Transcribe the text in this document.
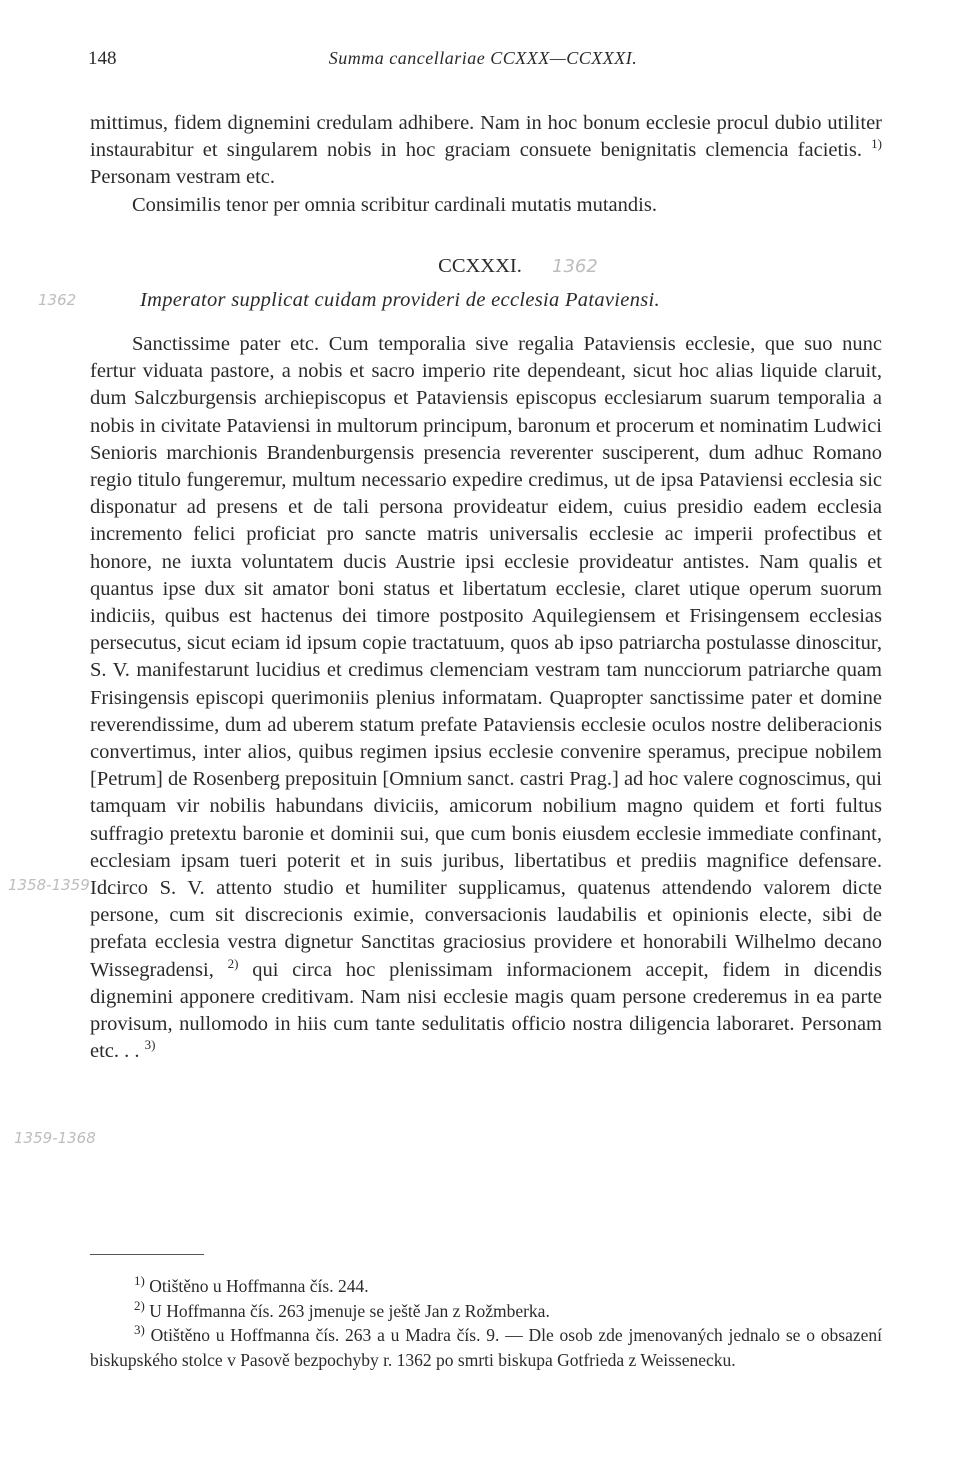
148	Summa cancellariae CCXXX—CCXXXI.

mittimus, fidem dignemini credulam adhibere. Nam in hoc bonum ecclesie procul dubio utiliter instaurabitur et singularem nobis in hoc graciam consuete benignitatis clemencia facietis. $^{1)}$ Personam vestram etc.

Consimilis tenor per omnia scribitur cardinali mutatis mutandis.

CCXXXI.	1362
1362	Imperator supplicat cuidam provideri de ecclesia Pataviensi.

Sanctissime pater etc. Cum temporalia sive regalia Pataviensis ecclesie, que suo nunc fertur viduata pastore, a nobis et sacro imperio rite dependeant, sicut hoc alias liquide claruit, dum Salczburgensis archiepiscopus et Pataviensis episcopus ecclesiarum suarum temporalia a nobis in civitate Pataviensi in multorum principum, baronum et procerum et nominatim Ludwici Senioris marchionis Brandenburgensis presencia reverenter susciperent, dum adhuc Romano regio titulo fungeremur, multum necessario expedire credimus, ut de ipsa Pataviensi ecclesia sic disponatur ad presens et de tali persona provideatur eidem, cuius presidio eadem ecclesia incremento felici proficiat pro sancte matris universalis ecclesie ac imperii profectibus et honore, ne iuxta voluntatem ducis Austrie ipsi ecclesie provideatur antistes. Nam qualis et quantus ipse dux sit amator boni status et libertatum ecclesie, claret utique operum suorum indiciis, quibus est hactenus dei timore postposito Aquilegiensem et Frisingensem ecclesias persecutus, sicut eciam id ipsum copie tractatuum, quos ab ipso patriarcha postulasse dinoscitur, S. V. manifestarunt lucidius et credimus clemenciam vestram tam nuncciorum patriarche quam Frisingensis episcopi querimoniis plenius informatam. Quapropter sanctissime pater et domine reverendissime, dum ad uberem statum prefate Pataviensis ecclesie oculos nostre deliberacionis convertimus, inter alios, quibus regimen ipsius ecclesie convenire speramus, precipue nobilem [Petrum] de Rosenberg preposituin [Omnium sanct. castri Prag.] ad hoc valere cognoscimus, qui tamquam vir nobilis habundans diviciis, amicorum nobilium magno quidem et forti fultus suffragio pretextu baronie et dominii sui, que cum bonis eiusdem ecclesie immediate confinant, ecclesiam ipsam tueri poterit et in suis juribus, libertatibus et prediis magnifice defensare. Idcirco S. V. attento studio et humiliter supplicamus, quatenus attendendo valorem dicte persone, cum sit discrecionis eximie, conversacionis laudabilis et opinionis electe, sibi de prefata ecclesia vestra dignetur Sanctitas graciosius providere et honorabili Wilhelmo decano Wissegradensi, $^{2)}$ qui circa hoc plenissimam informacionem accepit, fidem in dicendis dignemini apponere creditivam. Nam nisi ecclesie magis quam persone crederemus in ea parte provisum, nullomodo in hiis cum tante sedulitatis officio nostra diligencia laboraret. Personam etc. . . $^{3)}$

1358-1359
1359-1368

$^{1)}$ Otištěno u Hoffmanna čís. 244.

$^{2)}$ U Hoffmanna čís. 263 jmenuje se ještě Jan z Rožmberka.

$^{3)}$ Otištěno u Hoffmanna čís. 263 a u Madra čís. 9. — Dle osob zde jmenovaných jednalo se o obsazení biskupského stolce v Pasově bezpochyby r. 1362 po smrti biskupa Gotfrieda z Weissenecku.
